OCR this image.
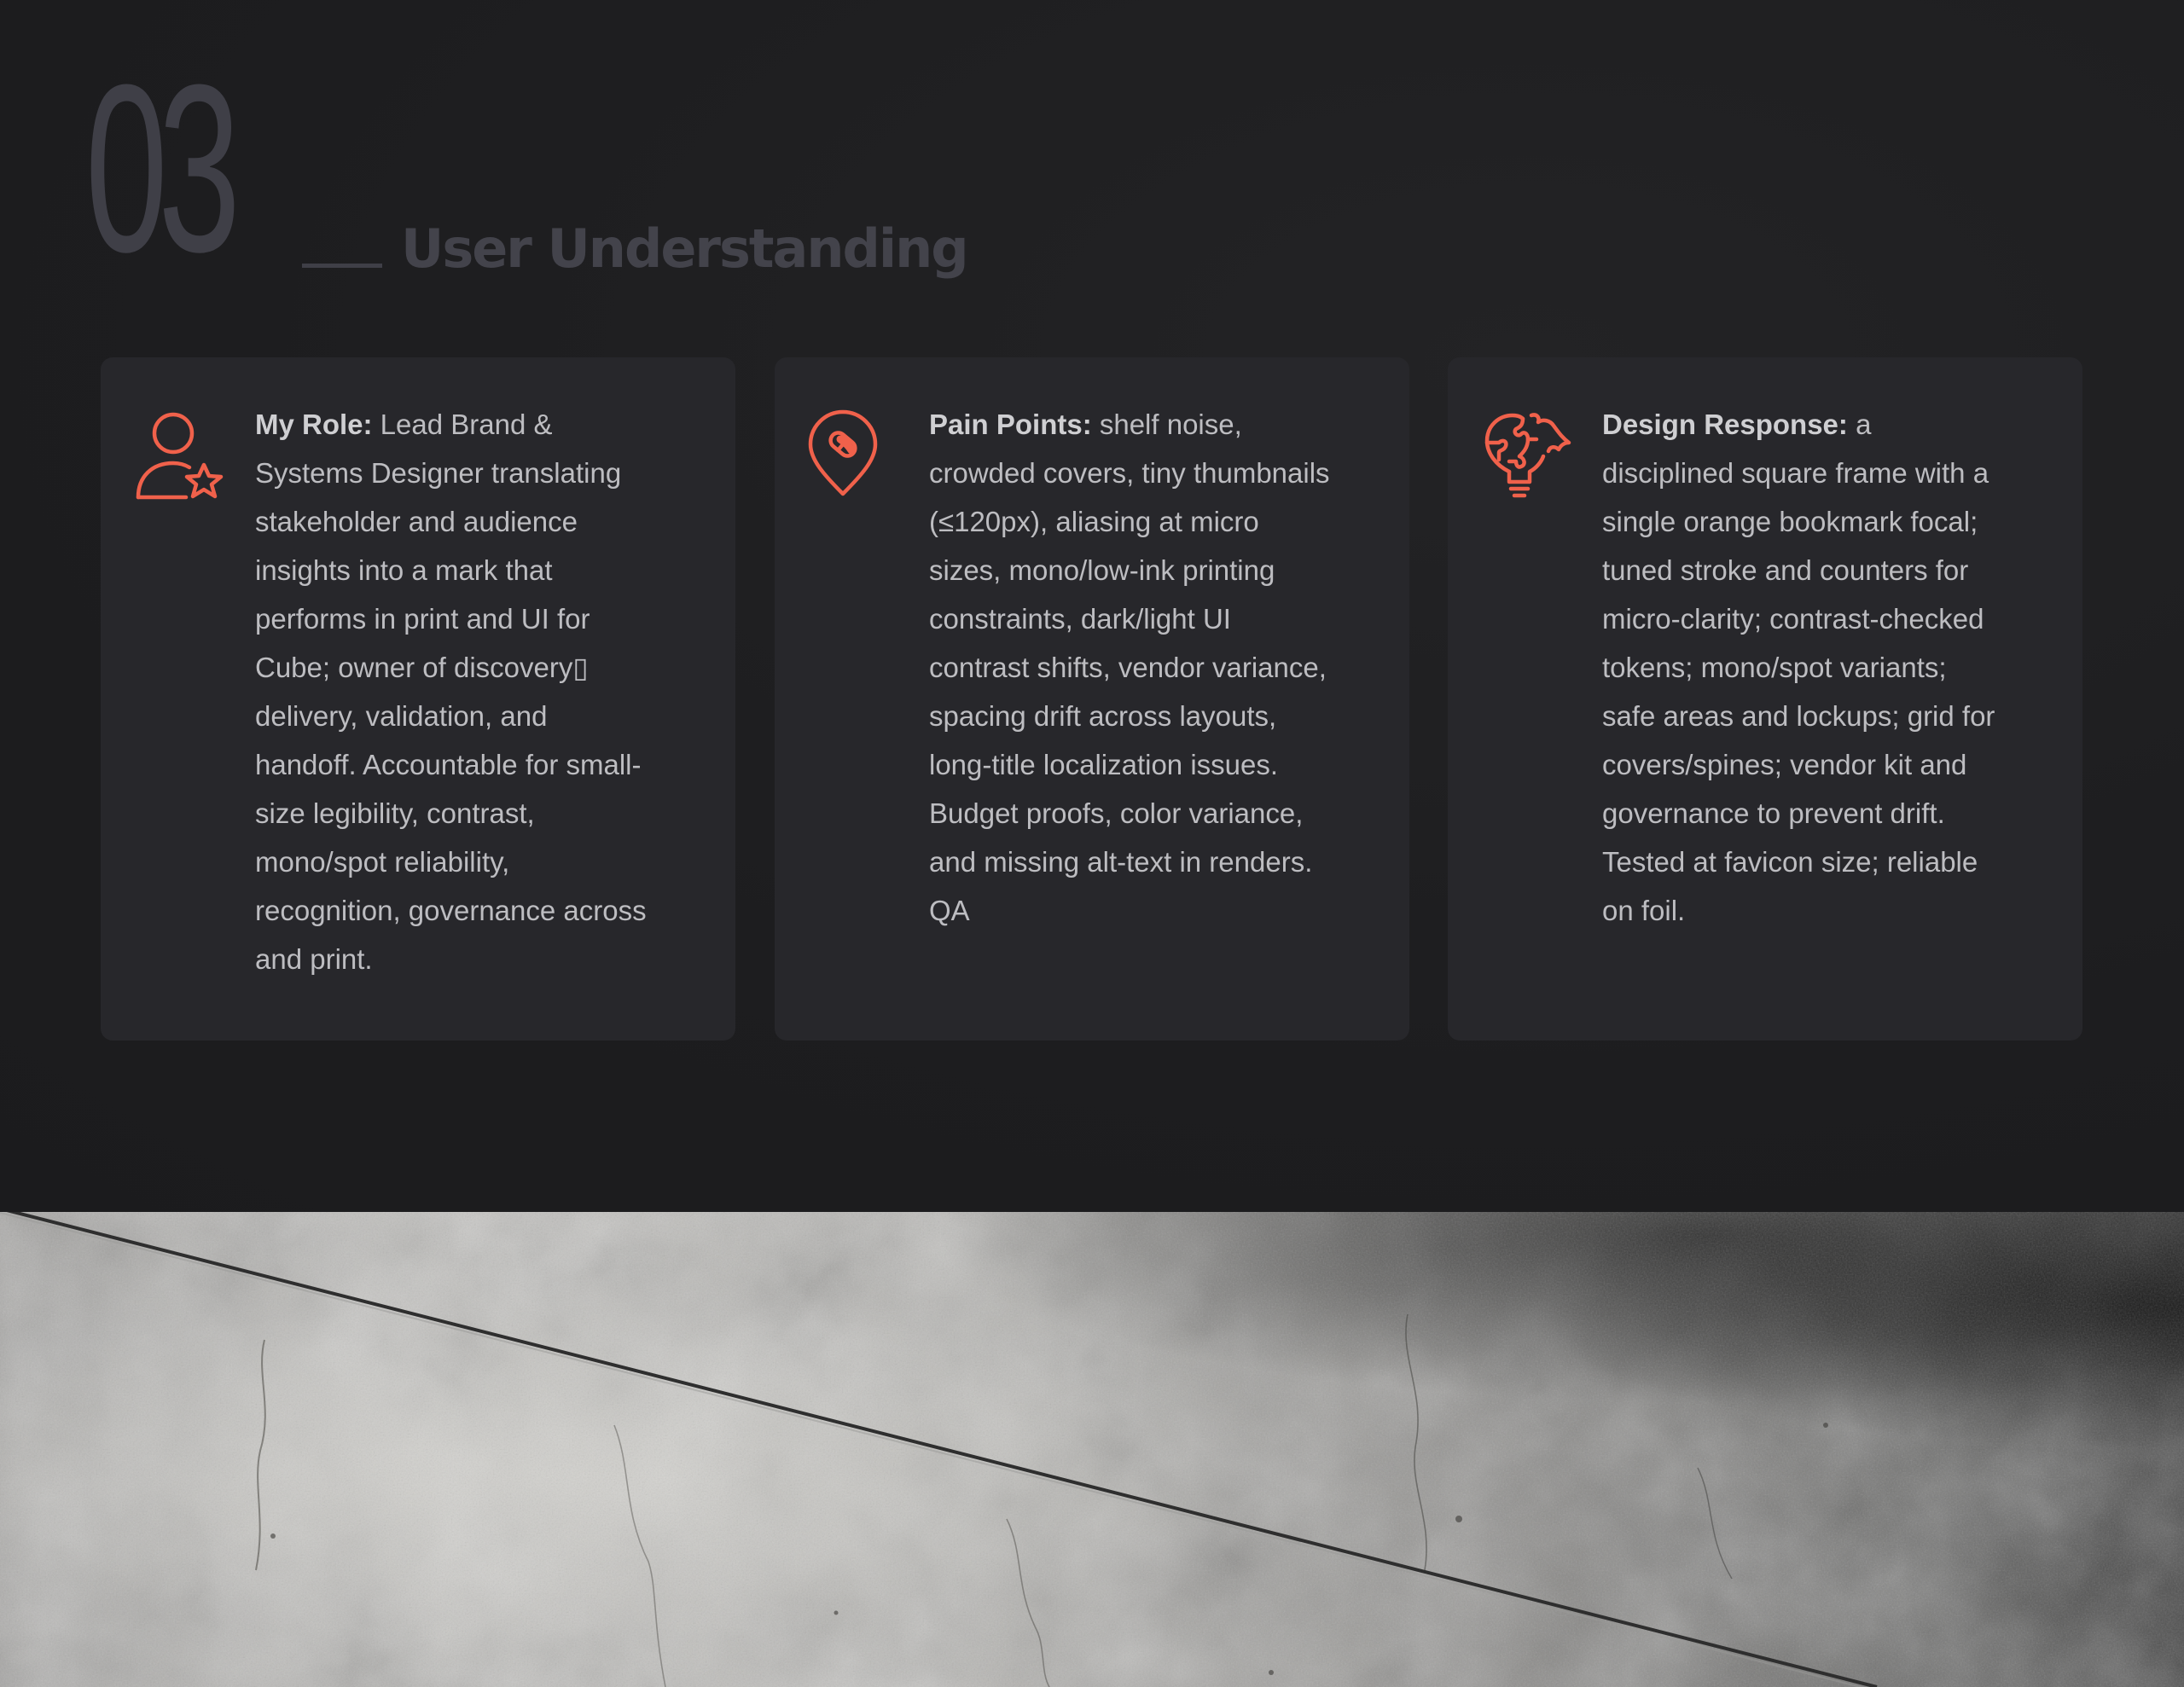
03	User Understanding
My Role: Lead Brand & Systems Designer translating stakeholder and audience insights into a mark that performs in print and UI for Cube; owner of discovery▯ delivery, validation, and handoff. Accountable for small-size legibility, contrast, mono/spot reliability, recognition, governance across and print.
Pain Points: shelf noise, crowded covers, tiny thumbnails (≤120px), aliasing at micro sizes, mono/low-ink printing constraints, dark/light UI contrast shifts, vendor variance, spacing drift across layouts, long-title localization issues. Budget proofs, color variance, and missing alt-text in renders. QA
Design Response: a disciplined square frame with a single orange bookmark focal; tuned stroke and counters for micro-clarity; contrast-checked tokens; mono/spot variants; safe areas and lockups; grid for covers/spines; vendor kit and governance to prevent drift. Tested at favicon size; reliable on foil.
